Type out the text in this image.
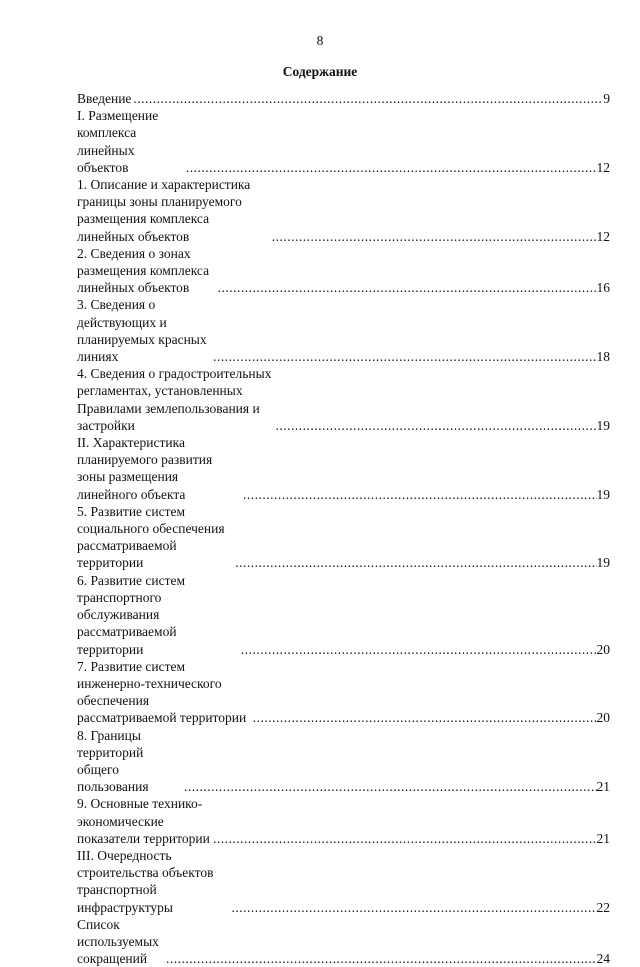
8
Содержание
Введение .....	9
I. Размещение комплекса линейных объектов .....	12
1. Описание и характеристика границы зоны планируемого размещения комплекса линейных объектов .....	12
2. Сведения о зонах размещения комплекса линейных объектов .....	16
3. Сведения о действующих и планируемых красных линиях .....	18
4. Сведения о градостроительных регламентах, установленных Правилами землепользования и застройки .....	19
II. Характеристика планируемого развития зоны размещения линейного объекта .....	19
5. Развитие систем социального обеспечения рассматриваемой территории .....	19
6. Развитие систем транспортного обслуживания рассматриваемой территории .....	20
7. Развитие систем инженерно-технического обеспечения рассматриваемой территории .....	20
8. Границы территорий общего пользования .....	21
9. Основные технико-экономические показатели территории .....	21
III. Очередность строительства объектов транспортной инфраструктуры .....	22
Список используемых сокращений .....	24
